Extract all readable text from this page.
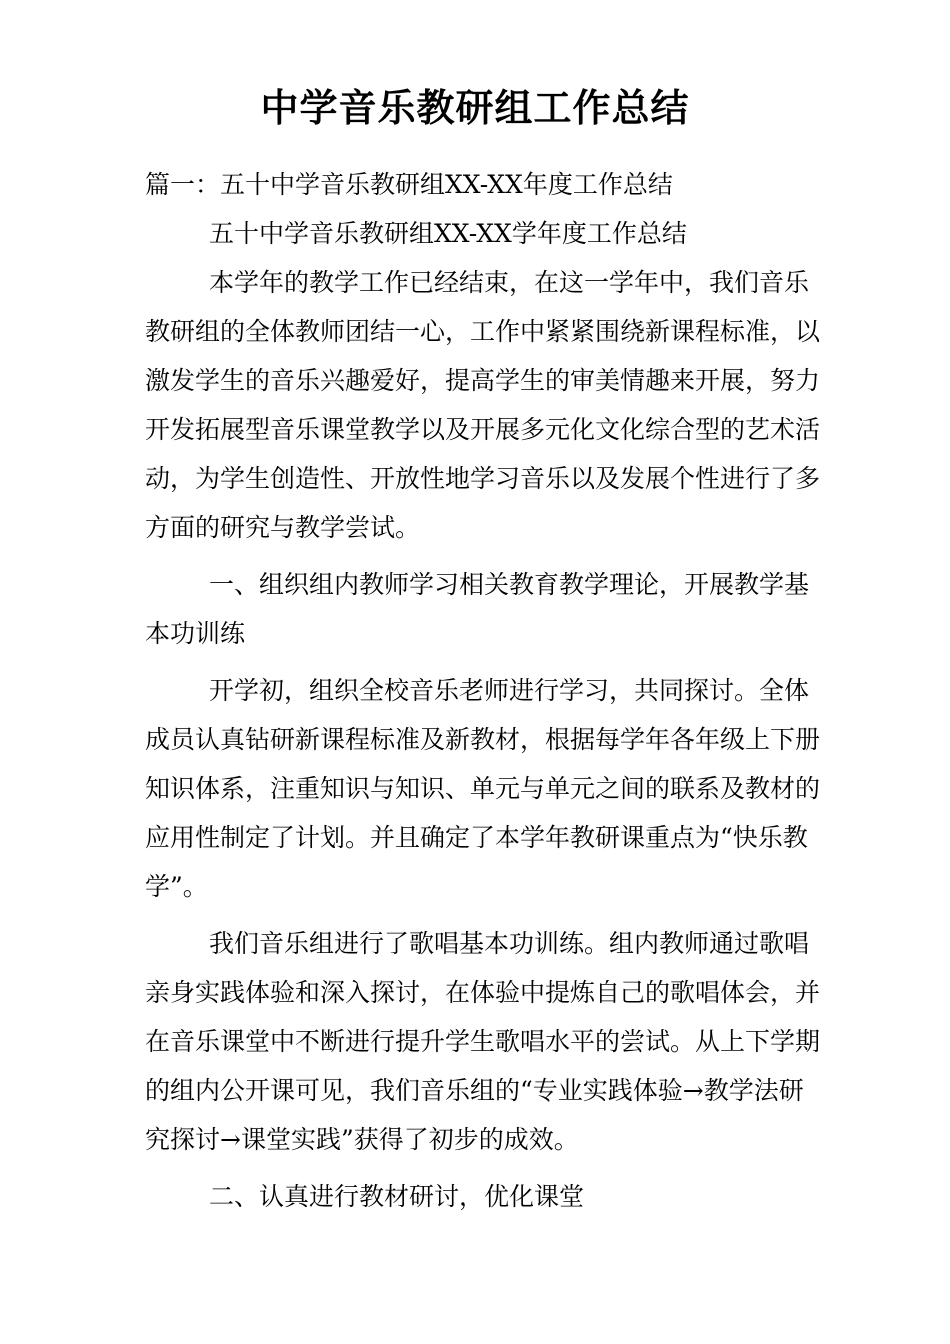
中学音乐教研组工作总结

篇一：五十中学音乐教研组XX-XX年度工作总结

五十中学音乐教研组XX-XX学年度工作总结

本学年的教学工作已经结束，在这一学年中，我们音乐教研组的全体教师团结一心，工作中紧紧围绕新课程标准，以激发学生的音乐兴趣爱好，提高学生的审美情趣来开展，努力开发拓展型音乐课堂教学以及开展多元化文化综合型的艺术活动，为学生创造性、开放性地学习音乐以及发展个性进行了多方面的研究与教学尝试。

一、组织组内教师学习相关教育教学理论，开展教学基本功训练

开学初，组织全校音乐老师进行学习，共同探讨。全体成员认真钻研新课程标准及新教材，根据每学年各年级上下册知识体系，注重知识与知识、单元与单元之间的联系及教材的应用性制定了计划。并且确定了本学年教研课重点为“快乐教学”。

我们音乐组进行了歌唱基本功训练。组内教师通过歌唱亲身实践体验和深入探讨，在体验中提炼自己的歌唱体会，并在音乐课堂中不断进行提升学生歌唱水平的尝试。从上下学期的组内公开课可见，我们音乐组的“专业实践体验→教学法研究探讨→课堂实践”获得了初步的成效。

二、认真进行教材研讨，优化课堂
